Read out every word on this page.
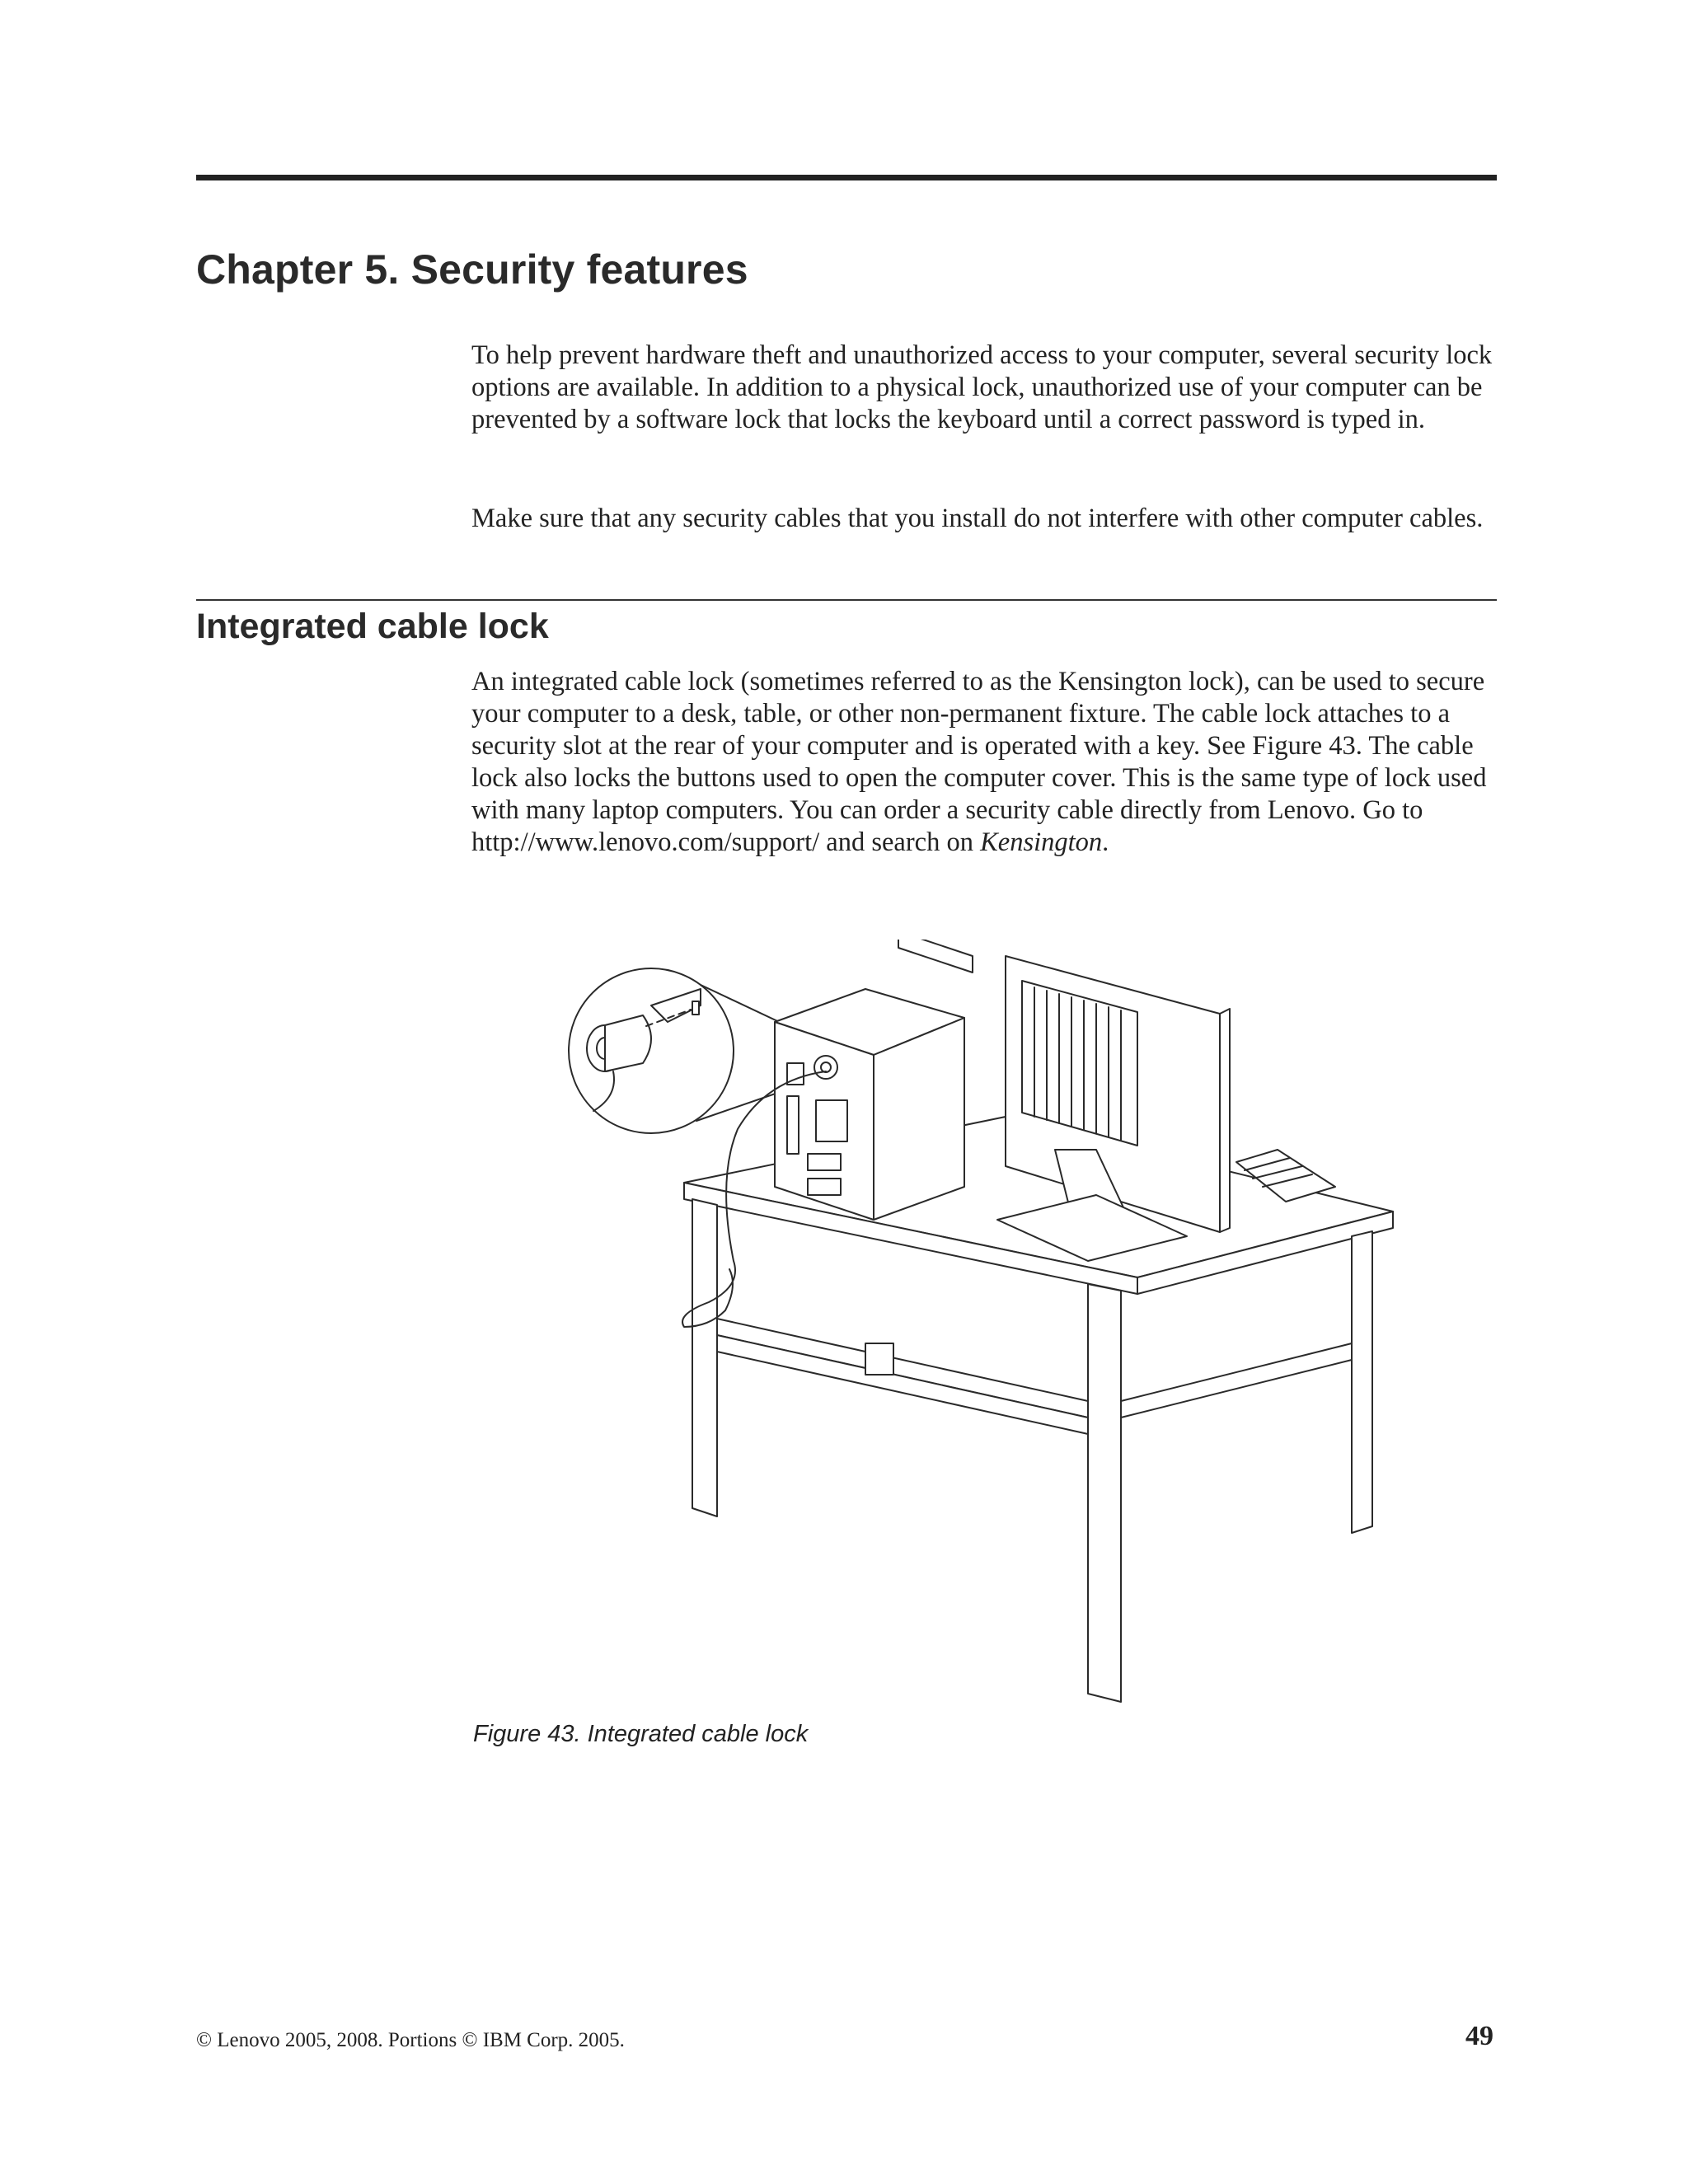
Chapter 5. Security features

To help prevent hardware theft and unauthorized access to your computer, several security lock options are available. In addition to a physical lock, unauthorized use of your computer can be prevented by a software lock that locks the keyboard until a correct password is typed in.

Make sure that any security cables that you install do not interfere with other computer cables.

Integrated cable lock

An integrated cable lock (sometimes referred to as the Kensington lock), can be used to secure your computer to a desk, table, or other non-permanent fixture. The cable lock attaches to a security slot at the rear of your computer and is operated with a key. See Figure 43. The cable lock also locks the buttons used to open the computer cover. This is the same type of lock used with many laptop computers. You can order a security cable directly from Lenovo. Go to http://www.lenovo.com/support/ and search on Kensington.

Figure 43. Integrated cable lock
© Lenovo 2005, 2008. Portions © IBM Corp. 2005.	49
